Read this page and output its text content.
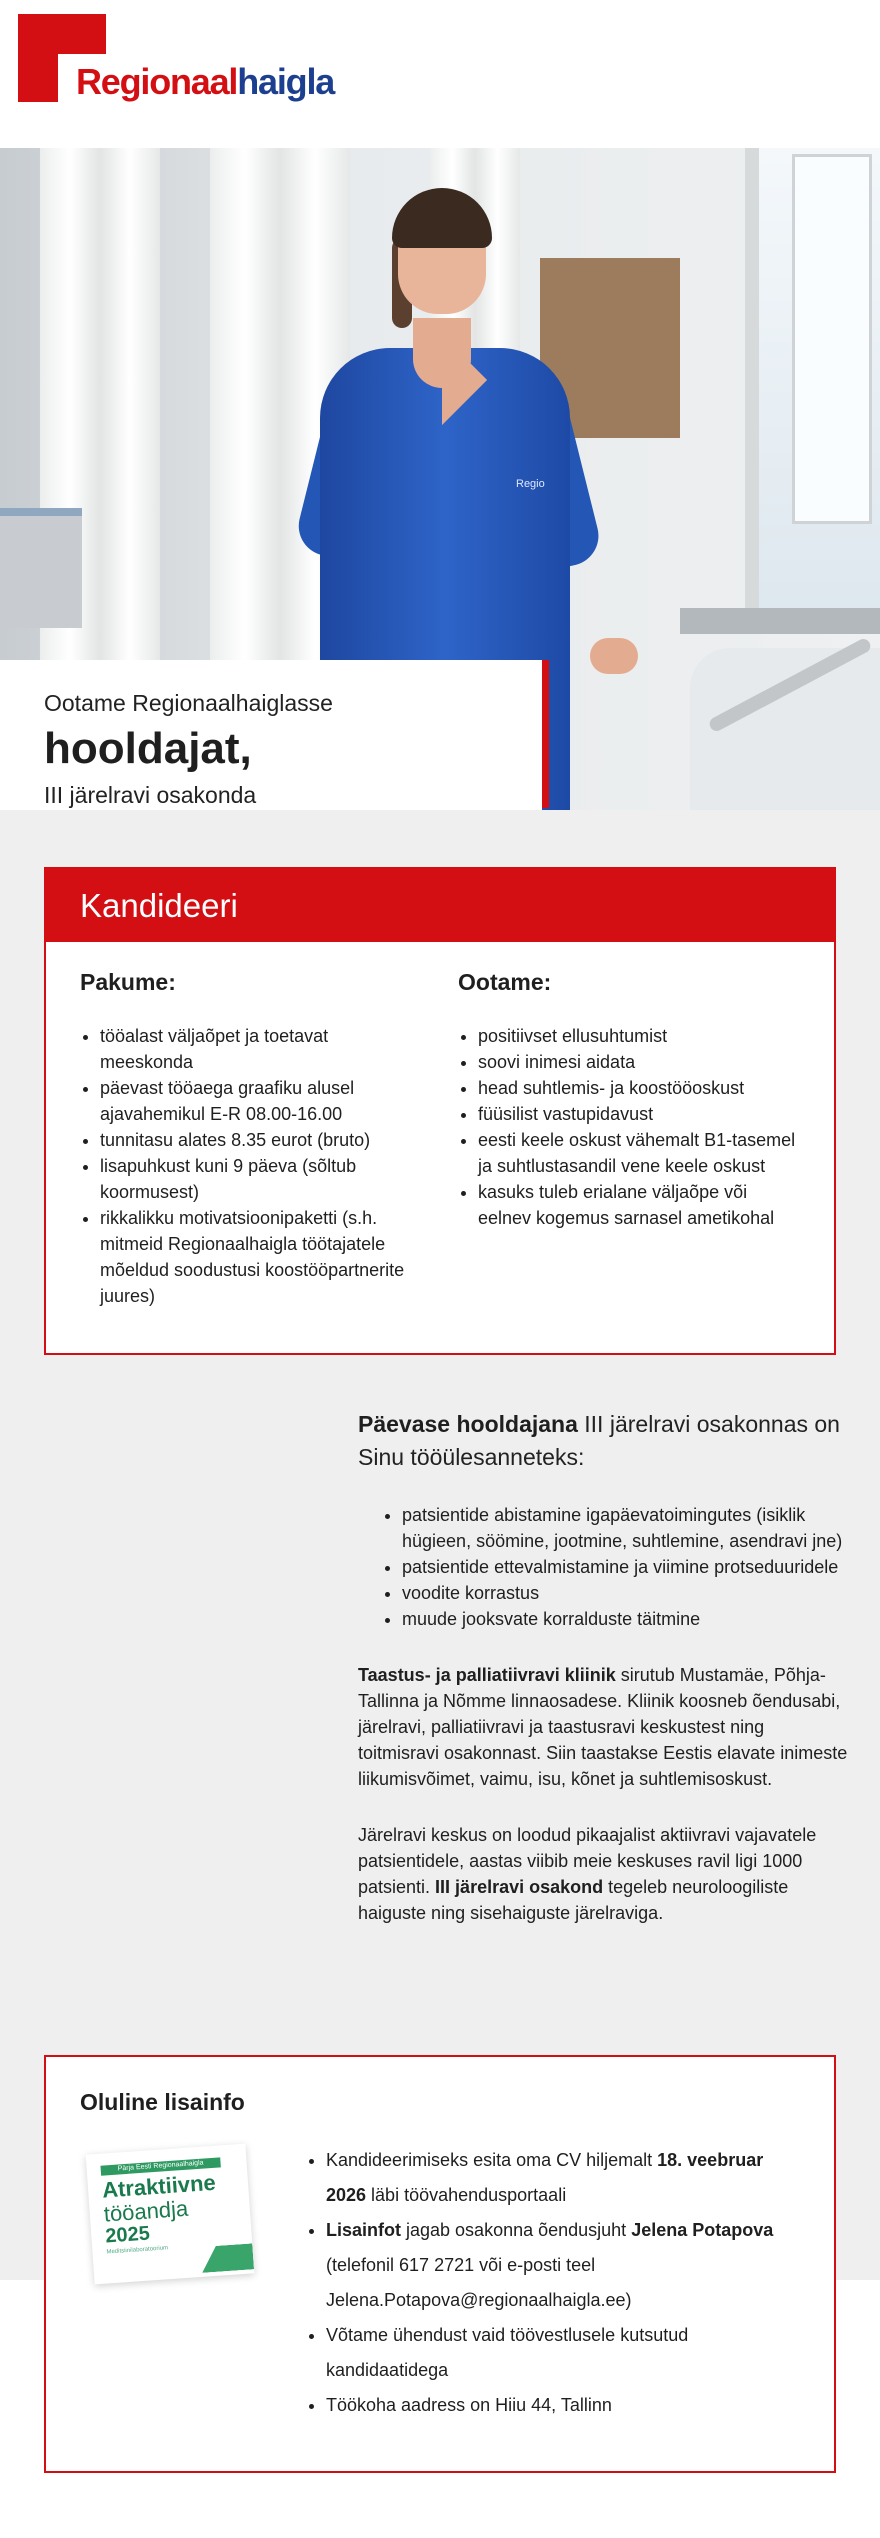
Regionaalhaigla
Regio
Ootame Regionaalhaiglasse
hooldajat,
III järelravi osakonda
Kandideeri
Pakume:
• tööalast väljaõpet ja toetavat meeskonda
• päevast tööaega graafiku alusel ajavahemikul E-R 08.00-16.00
• tunnitasu alates 8.35 eurot (bruto)
• lisapuhkust kuni 9 päeva (sõltub koormusest)
• rikkalikku motivatsioonipaketti (s.h. mitmeid Regionaalhaigla töötajatele mõeldud soodustusi koostööpartnerite juures)
Ootame:
• positiivset ellusuhtumist
• soovi inimesi aidata
• head suhtlemis- ja koostööoskust
• füüsilist vastupidavust
• eesti keele oskust vähemalt B1-tasemel ja suhtlustasandil vene keele oskust
• kasuks tuleb erialane väljaõpe või eelnev kogemus sarnasel ametikohal

Päevase hooldajana III järelravi osakonnas on Sinu tööülesanneteks:

• patsientide abistamine igapäevatoimingutes (isiklik hügieen, söömine, jootmine, suhtlemine, asendravi jne)
• patsientide ettevalmistamine ja viimine protseduuridele
• voodite korrastus
• muude jooksvate korralduste täitmine

Taastus- ja palliatiivravi kliinik sirutub Mustamäe, Põhja-Tallinna ja Nõmme linnaosadese. Kliinik koosneb õendusabi, järelravi, palliatiivravi ja taastusravi keskustest ning toitmisravi osakonnast. Siin taastakse Eestis elavate inimeste liikumisvõimet, vaimu, isu, kõnet ja suhtlemisoskust.

Järelravi keskus on loodud pikaajalist aktiivravi vajavatele patsientidele, aastas viibib meie keskuses ravil ligi 1000 patsienti. III järelravi osakond tegeleb neuroloogiliste haiguste ning sisehaiguste järelraviga.

Oluline lisainfo
Pärja Eesti Regionaalhaigla
Atraktiivne
tööandja
2025
Meditsiinilaboratoorium
• Kandideerimiseks esita oma CV hiljemalt 18. veebruar 2026 läbi töövahendusportaali
• Lisainfot jagab osakonna õendusjuht Jelena Potapova (telefonil 617 2721 või e-posti teel Jelena.Potapova@regionaalhaigla.ee)
• Võtame ühendust vaid töövestlusele kutsutud kandidaatidega
• Töökoha aadress on Hiiu 44, Tallinn
